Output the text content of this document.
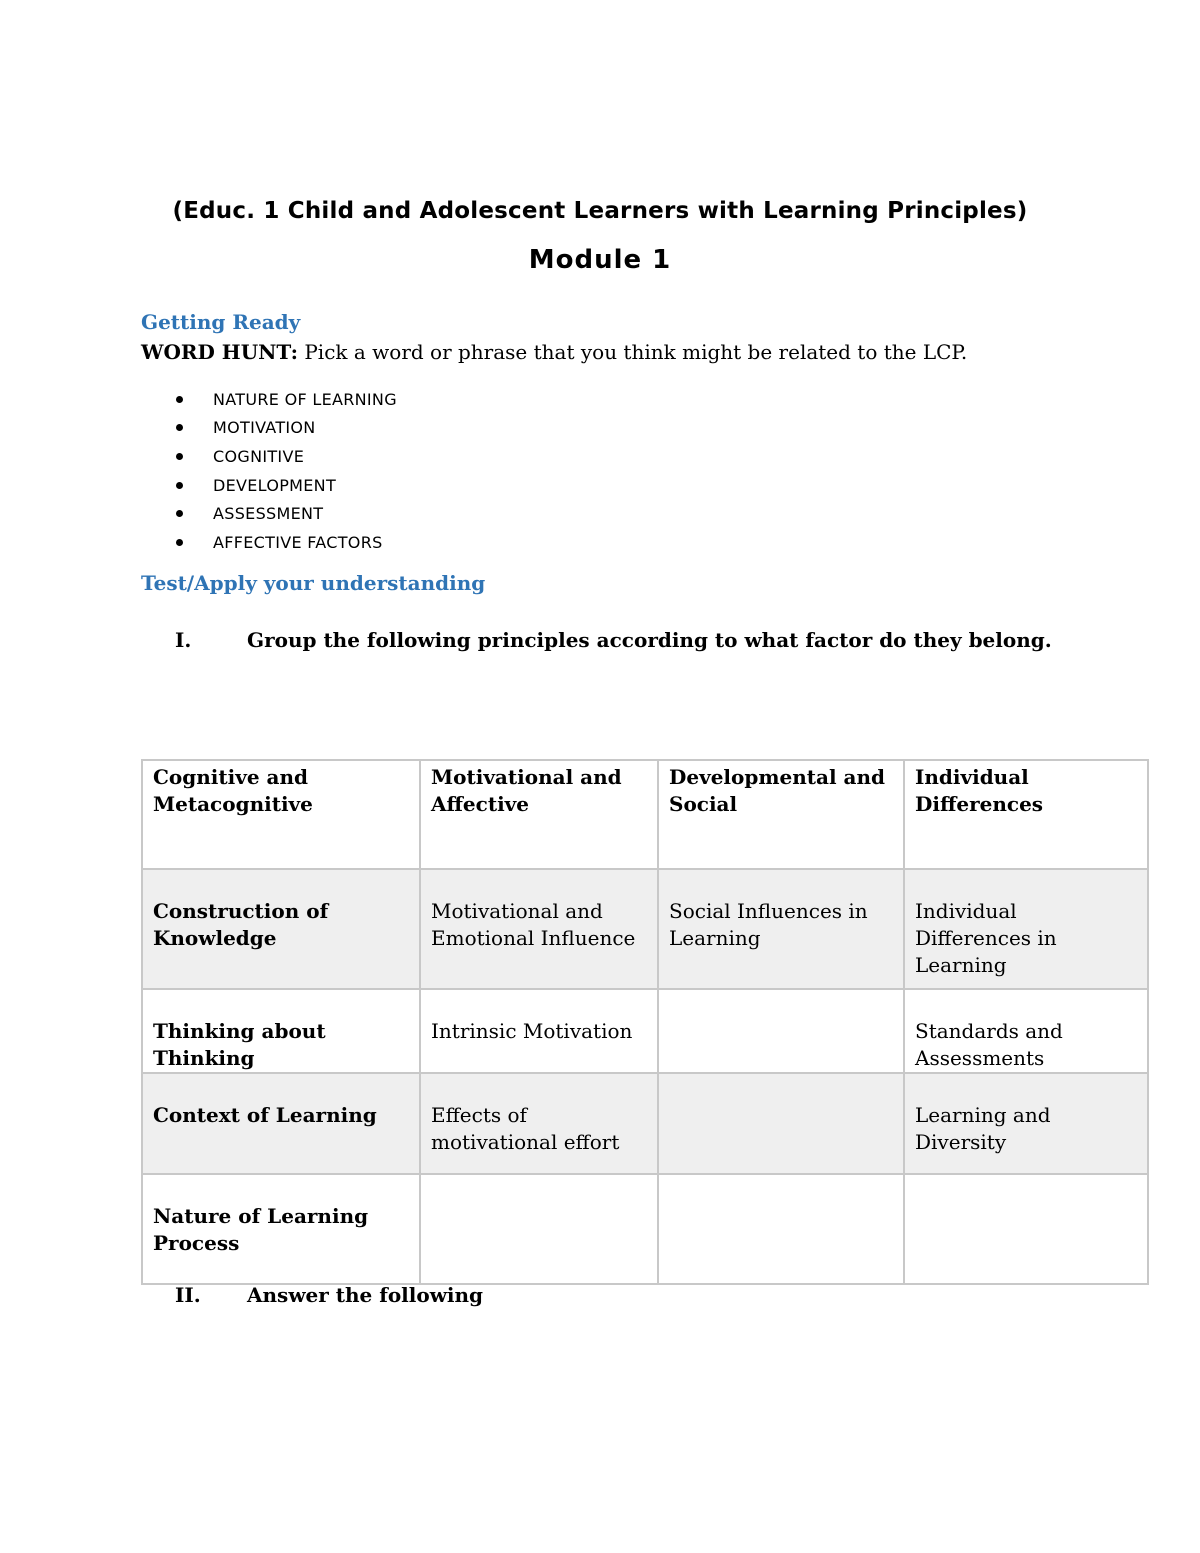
(Educ. 1 Child and Adolescent Learners with Learning Principles)
Module 1
Getting Ready

WORD HUNT: Pick a word or phrase that you think might be related to the LCP.

NATURE OF LEARNING
MOTIVATION
COGNITIVE
DEVELOPMENT
ASSESSMENT
AFFECTIVE FACTORS
Test/Apply your understanding

I.	Group the following principles according to what factor do they belong.

Cognitive and Metacognitive	Motivational and Affective	Developmental and Social	Individual Differences
Construction of Knowledge	Motivational and Emotional Influence	Social Influences in Learning	Individual Differences in Learning
Thinking about Thinking	Intrinsic Motivation		Standards and Assessments
Context of Learning	Effects of motivational effort		Learning and Diversity
Nature of Learning Process			

II. Answer the following
